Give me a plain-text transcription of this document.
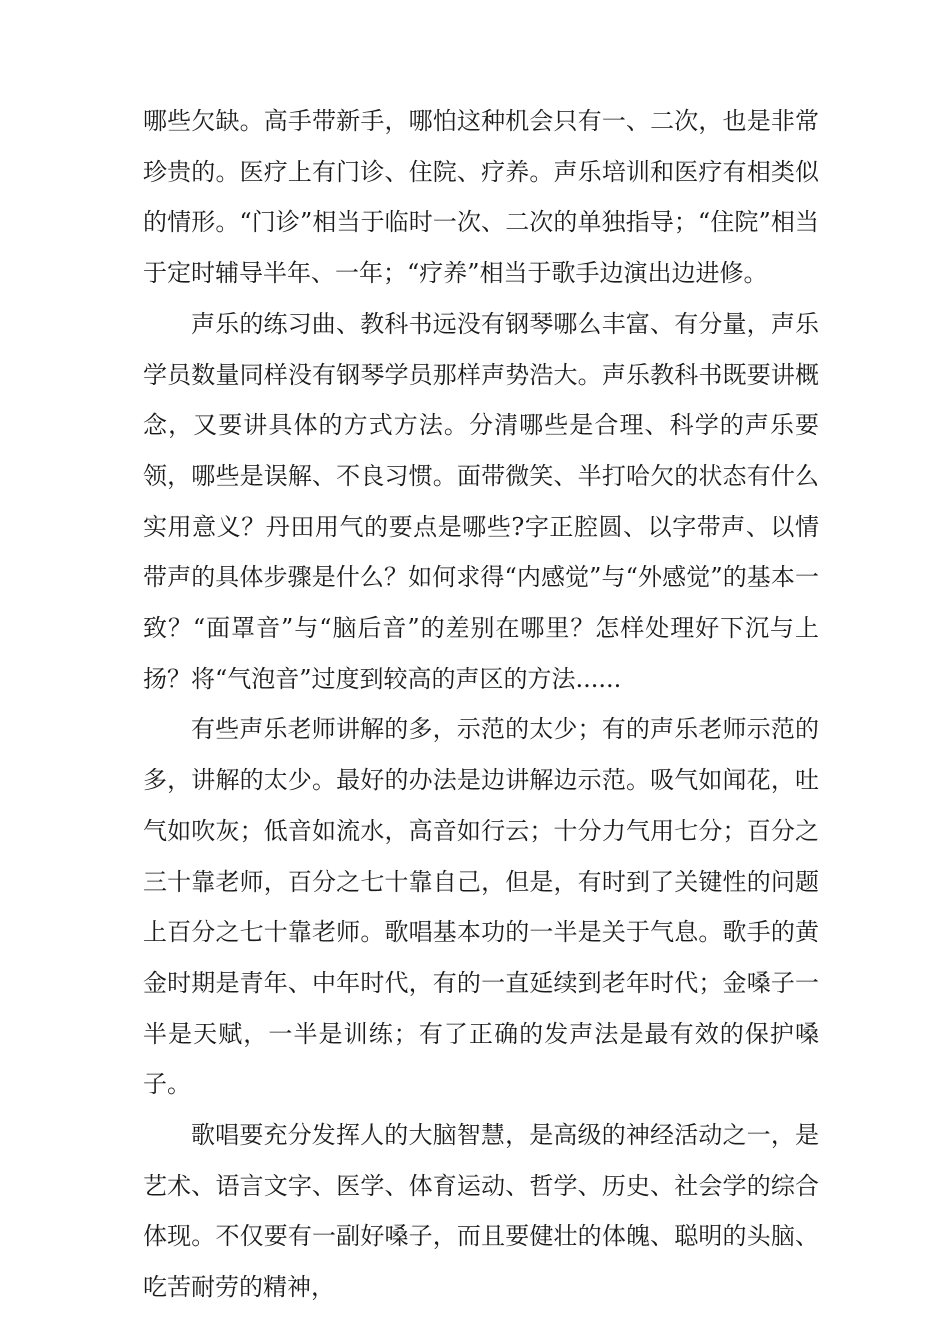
哪些欠缺。高手带新手，哪怕这种机会只有一、二次，也是非常珍贵的。医疗上有门诊、住院、疗养。声乐培训和医疗有相类似的情形。“门诊”相当于临时一次、二次的单独指导；“住院”相当于定时辅导半年、一年；“疗养”相当于歌手边演出边进修。

声乐的练习曲、教科书远没有钢琴哪么丰富、有分量，声乐学员数量同样没有钢琴学员那样声势浩大。声乐教科书既要讲概念，又要讲具体的方式方法。分清哪些是合理、科学的声乐要领，哪些是误解、不良习惯。面带微笑、半打哈欠的状态有什么实用意义？丹田用气的要点是哪些?字正腔圆、以字带声、以情带声的具体步骤是什么？如何求得“内感觉”与“外感觉”的基本一致？“面罩音”与“脑后音”的差别在哪里？怎样处理好下沉与上扬？将“气泡音”过度到较高的声区的方法......

有些声乐老师讲解的多，示范的太少；有的声乐老师示范的多，讲解的太少。最好的办法是边讲解边示范。吸气如闻花，吐气如吹灰；低音如流水，高音如行云；十分力气用七分；百分之三十靠老师，百分之七十靠自己，但是，有时到了关键性的问题上百分之七十靠老师。歌唱基本功的一半是关于气息。歌手的黄金时期是青年、中年时代，有的一直延续到老年时代；金嗓子一半是天赋，一半是训练；有了正确的发声法是最有效的保护嗓子。

歌唱要充分发挥人的大脑智慧，是高级的神经活动之一，是艺术、语言文字、医学、体育运动、哲学、历史、社会学的综合体现。不仅要有一副好嗓子，而且要健壮的体魄、聪明的头脑、吃苦耐劳的精神，
